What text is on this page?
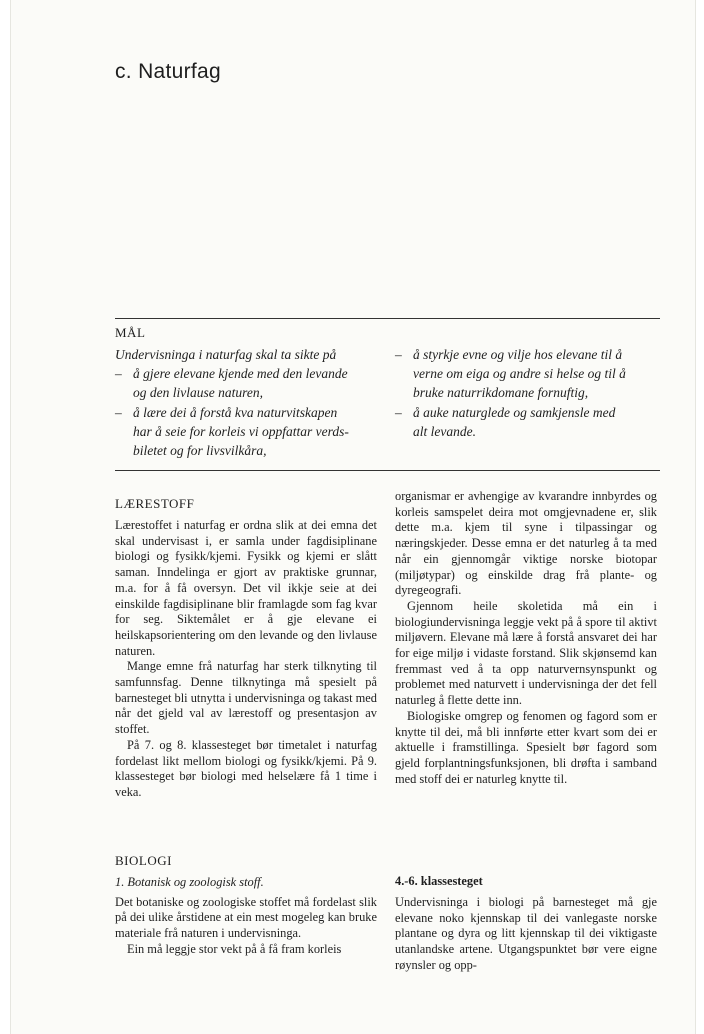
c. Naturfag
MÅL

Undervisninga i naturfag skal ta sikte på

– å gjere elevane kjende med den levande
og den livlause naturen,
– å lære dei å forstå kva naturvitskapen
har å seie for korleis vi oppfattar verds-
biletet og for livsvilkåra,
– å styrkje evne og vilje hos elevane til å
verne om eiga og andre si helse og til å
bruke naturrikdomane fornuftig,
– å auke naturglede og samkjensle med
alt levande.

LÆRESTOFF

Lærestoffet i naturfag er ordna slik at dei emna det skal undervisast i, er samla under fagdisiplinane biologi og fysikk/kjemi. Fysikk og kjemi er slått saman. Inndelinga er gjort av praktiske grunnar, m.a. for å få oversyn. Det vil ikkje seie at dei einskilde fagdisiplinane blir framlagde som fag kvar for seg. Siktemålet er å gje elevane ei heilskapsorientering om den levande og den livlause naturen.

Mange emne frå naturfag har sterk tilknyting til samfunnsfag. Denne tilknytinga må spesielt på barnesteget bli utnytta i undervisninga og takast med når det gjeld val av lærestoff og presentasjon av stoffet.

På 7. og 8. klassesteget bør timetalet i naturfag fordelast likt mellom biologi og fysikk/kjemi. På 9. klassesteget bør biologi med helselære få 1 time i veka.

BIOLOGI

1. Botanisk og zoologisk stoff.

Det botaniske og zoologiske stoffet må fordelast slik på dei ulike årstidene at ein mest mogeleg kan bruke materiale frå naturen i undervisninga.

Ein må leggje stor vekt på å få fram korleis

organismar er avhengige av kvarandre innbyrdes og korleis samspelet deira mot omgjevnadene er, slik dette m.a. kjem til syne i tilpassingar og næringskjeder. Desse emna er det naturleg å ta med når ein gjennomgår viktige norske biotopar (miljøtypar) og einskilde drag frå plante- og dyregeografi.

Gjennom heile skoletida må ein i biologiundervisninga leggje vekt på å spore til aktivt miljøvern. Elevane må lære å forstå ansvaret dei har for eige miljø i vidaste forstand. Slik skjønsemd kan fremmast ved å ta opp naturvernsynspunkt og problemet med naturvett i undervisninga der det fell naturleg å flette dette inn.

Biologiske omgrep og fenomen og fagord som er knytte til dei, må bli innførte etter kvart som dei er aktuelle i framstillinga. Spesielt bør fagord som gjeld forplantningsfunksjonen, bli drøfta i samband med stoff dei er naturleg knytte til.

4.-6. klassesteget

Undervisninga i biologi på barnesteget må gje elevane noko kjennskap til dei vanlegaste norske plantane og dyra og litt kjennskap til dei viktigaste utanlandske artene. Utgangspunktet bør vere eigne røynsler og opp-
